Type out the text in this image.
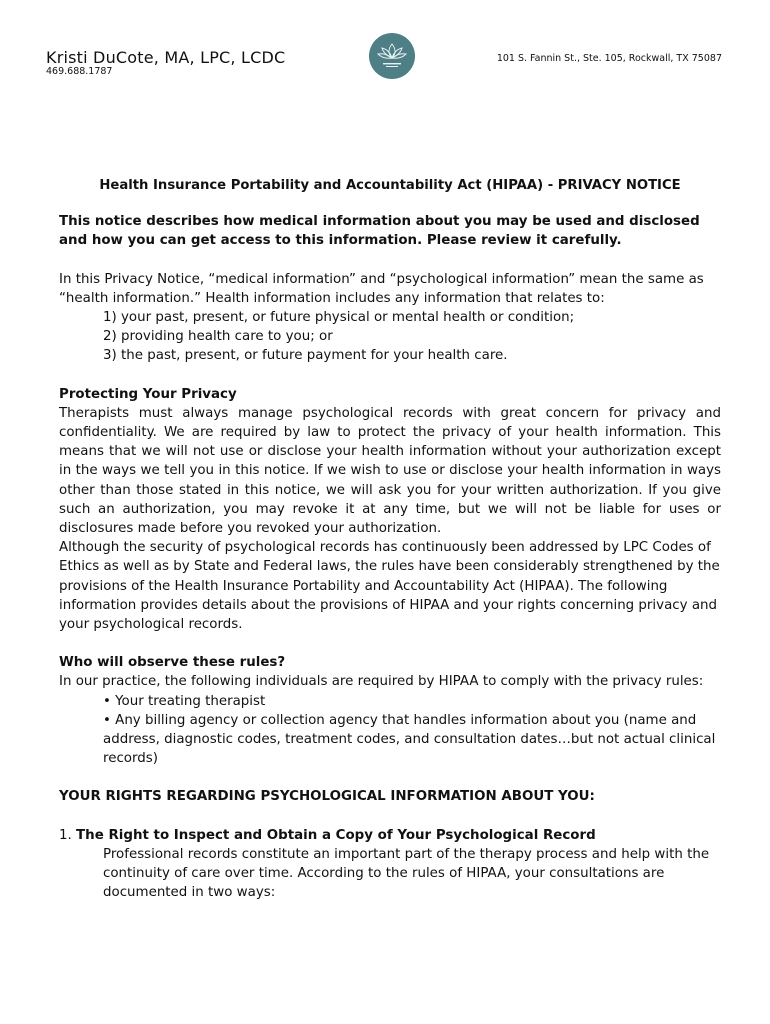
Kristi DuCote, MA, LPC, LCDC
469.688.1787
101 S. Fannin St., Ste. 105, Rockwall, TX 75087

Health Insurance Portability and Accountability Act (HIPAA) - PRIVACY NOTICE

This notice describes how medical information about you may be used and disclosed and how you can get access to this information. Please review it carefully.

In this Privacy Notice, “medical information” and “psychological information” mean the same as “health information.” Health information includes any information that relates to:

1) your past, present, or future physical or mental health or condition;

2) providing health care to you; or

3) the past, present, or future payment for your health care.

Protecting Your Privacy

Therapists must always manage psychological records with great concern for privacy and confidentiality. We are required by law to protect the privacy of your health information. This means that we will not use or disclose your health information without your authorization except in the ways we tell you in this notice. If we wish to use or disclose your health information in ways other than those stated in this notice, we will ask you for your written authorization. If you give such an authorization, you may revoke it at any time, but we will not be liable for uses or disclosures made before you revoked your authorization.

Although the security of psychological records has continuously been addressed by LPC Codes of Ethics as well as by State and Federal laws, the rules have been considerably strengthened by the provisions of the Health Insurance Portability and Accountability Act (HIPAA). The following information provides details about the provisions of HIPAA and your rights concerning privacy and your psychological records.

Who will observe these rules?

In our practice, the following individuals are required by HIPAA to comply with the privacy rules:

• Your treating therapist

• Any billing agency or collection agency that handles information about you (name and address, diagnostic codes, treatment codes, and consultation dates…but not actual clinical records)

YOUR RIGHTS REGARDING PSYCHOLOGICAL INFORMATION ABOUT YOU:

1. The Right to Inspect and Obtain a Copy of Your Psychological Record

Professional records constitute an important part of the therapy process and help with the continuity of care over time. According to the rules of HIPAA, your consultations are documented in two ways:
